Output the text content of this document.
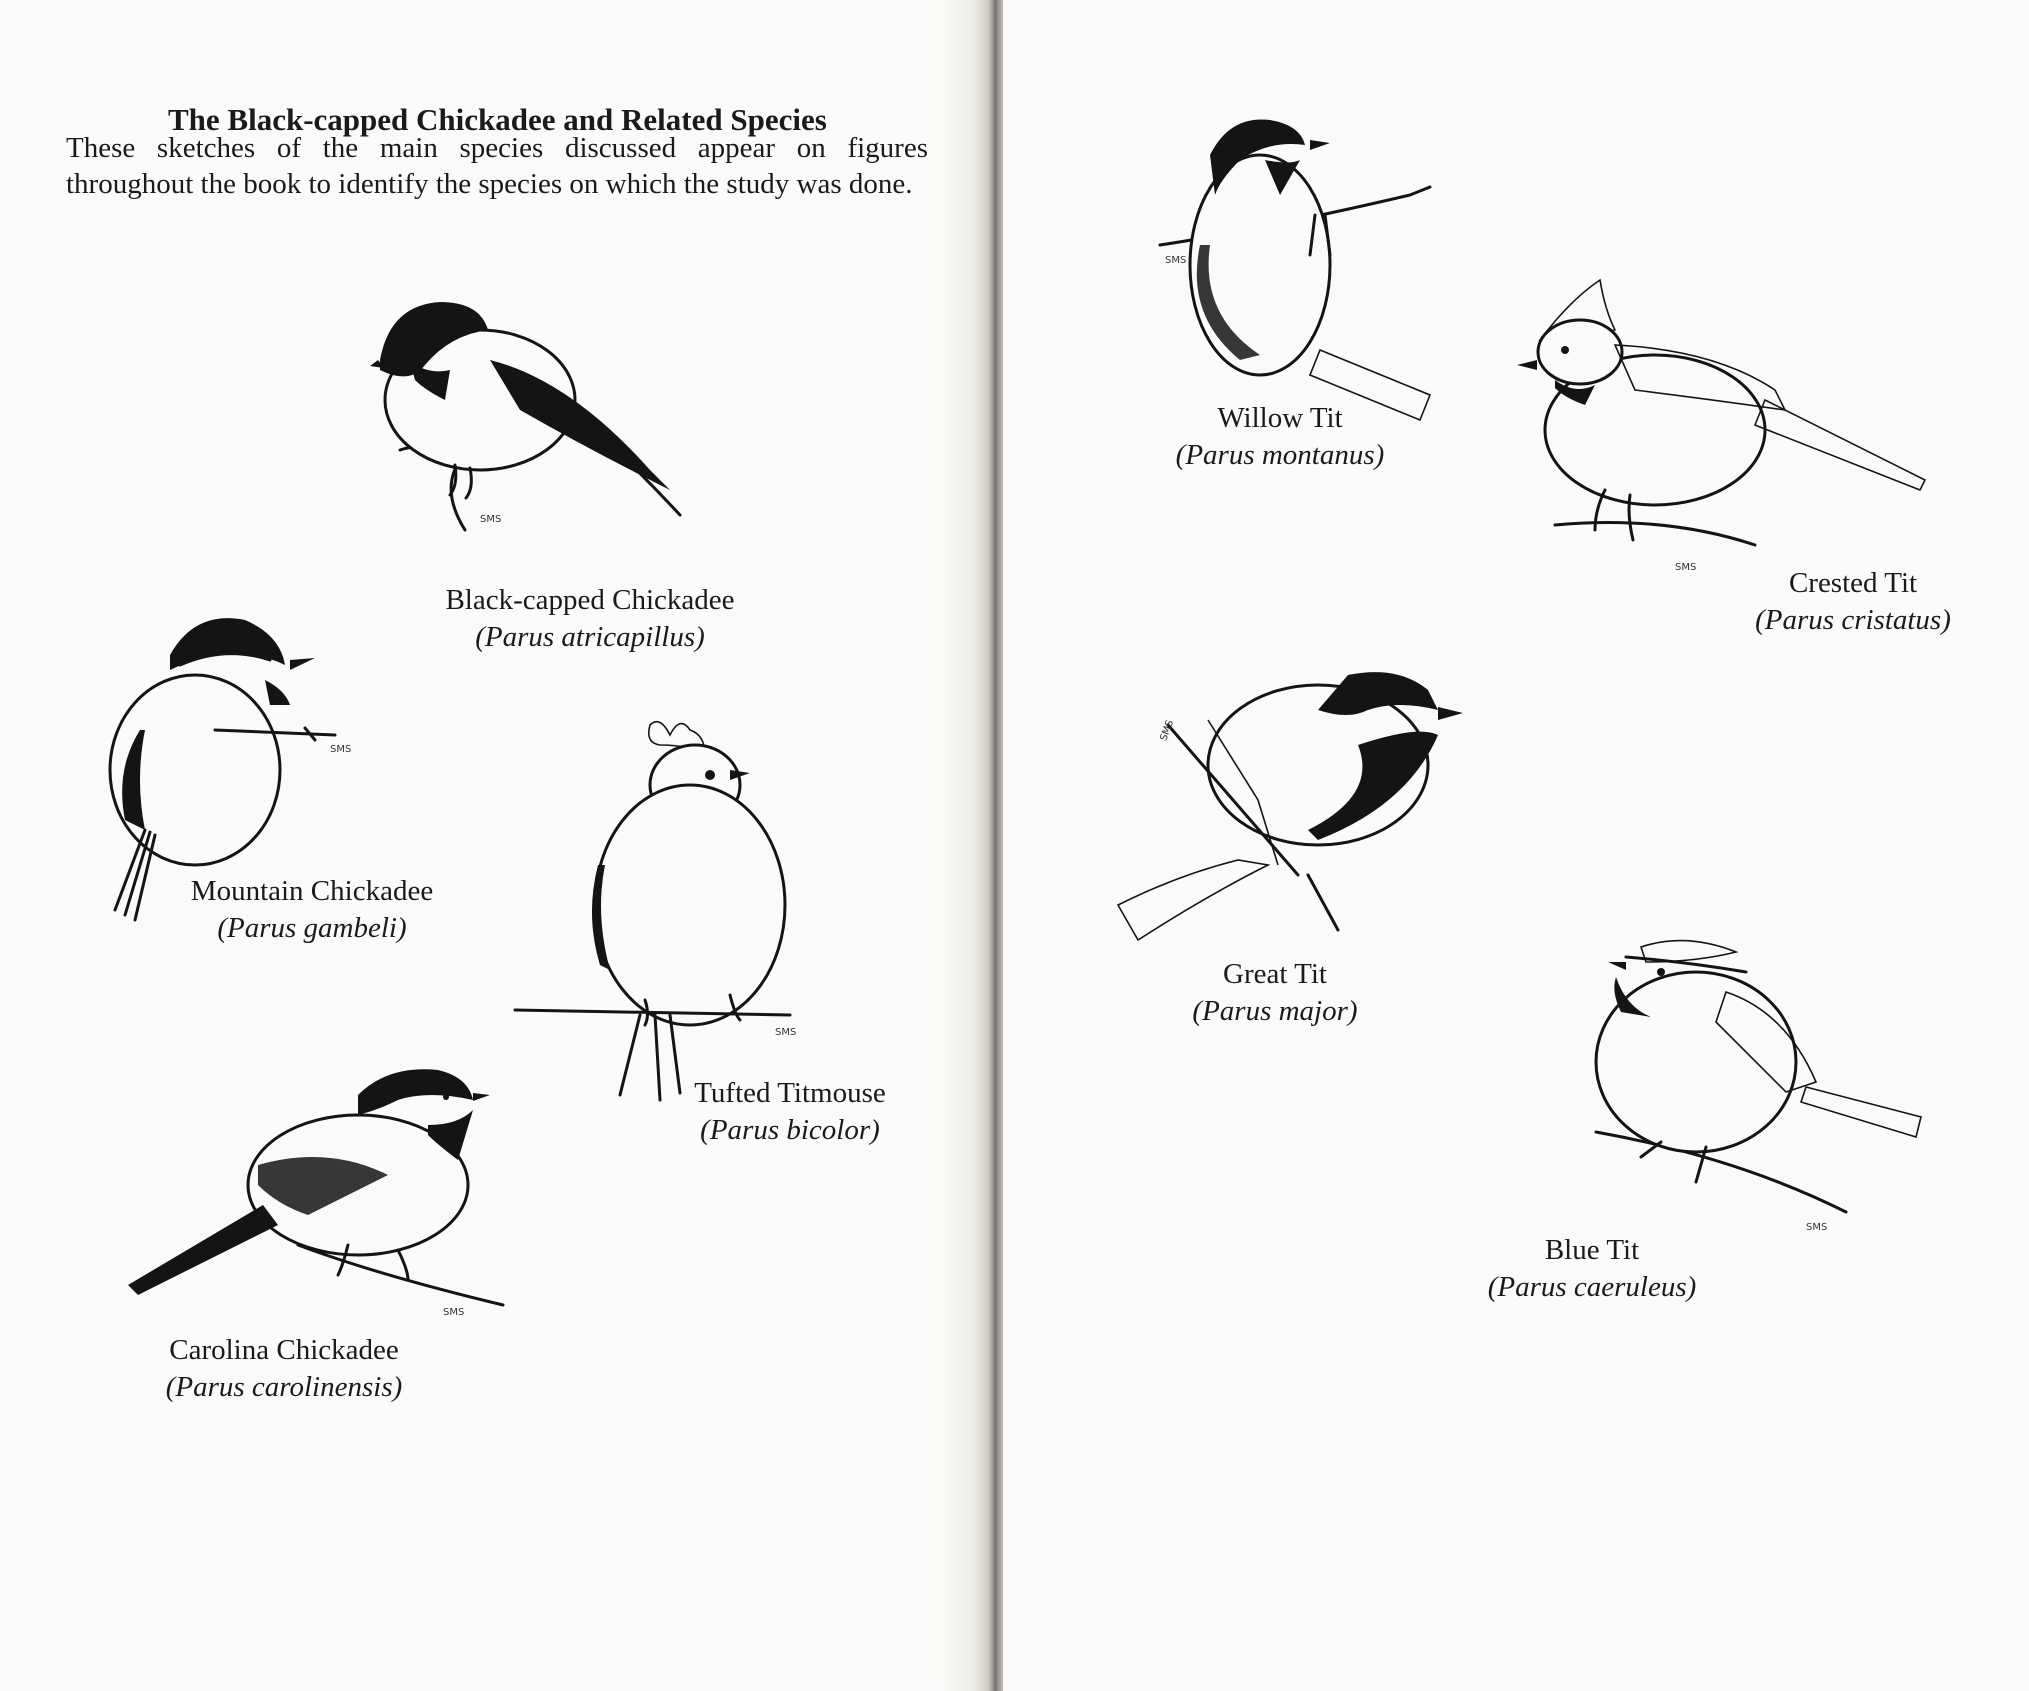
The Black-capped Chickadee and Related Species

These sketches of the main species discussed appear on figures throughout the book to identify the species on which the study was done.

SMS
Black-capped Chickadee
(Parus atricapillus)
SMS
Mountain Chickadee
(Parus gambeli)
SMS
Tufted Titmouse
(Parus bicolor)
SMS
Carolina Chickadee
(Parus carolinensis)
SMS
Willow Tit
(Parus montanus)
SMS	Crested Tit
(Parus cristatus)
SMS
Great Tit
(Parus major)
SMS
Blue Tit
(Parus caeruleus)
